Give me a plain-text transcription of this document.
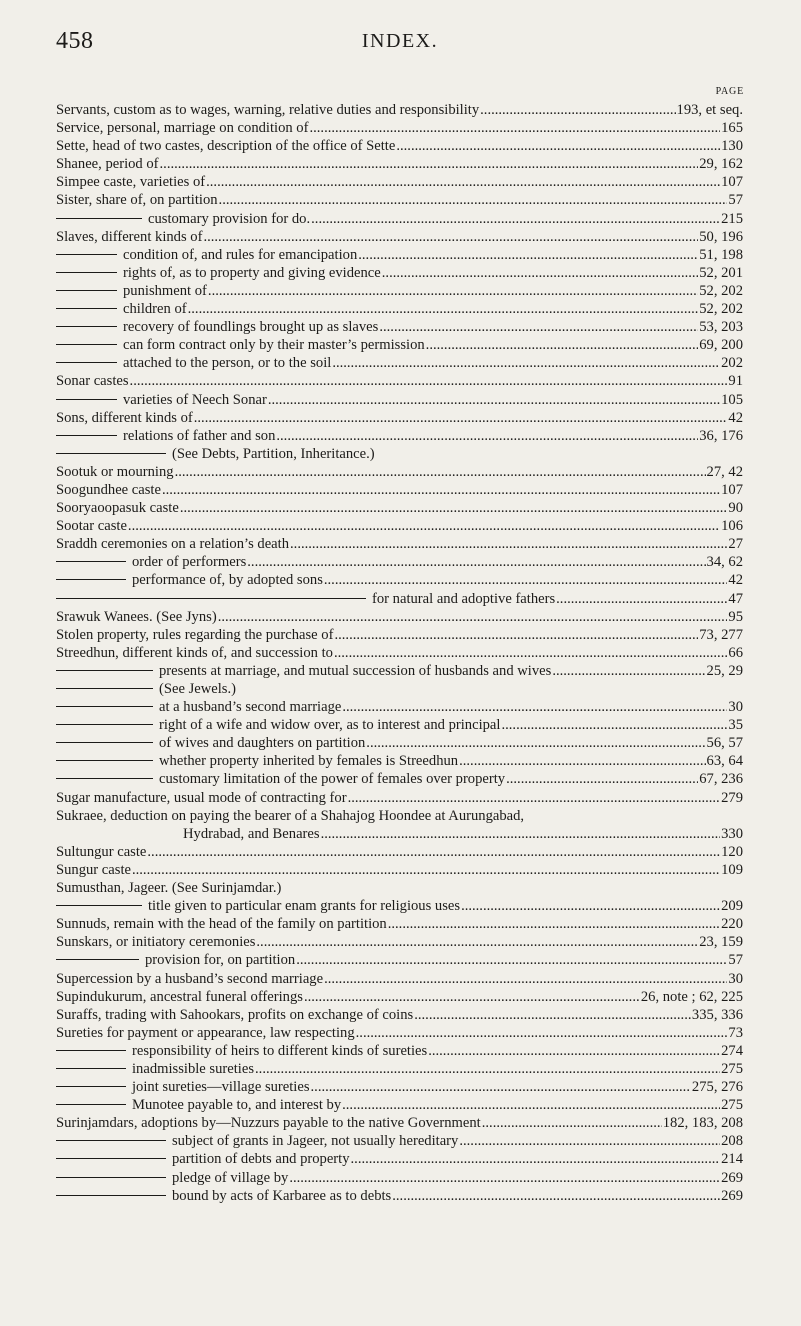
458	INDEX.
PAGE
Servants, custom as to wages, warning, relative duties and responsibility .....	193, et seq.
Service, personal, marriage on condition of .....	165
Sette, head of two castes, description of the office of Sette .....	130
Shanee, period of .....	29, 162
Simpee caste, varieties of .....	107
Sister, share of, on partition .....	57
customary provision for do. .....	215
Slaves, different kinds of .....	50, 196
condition of, and rules for emancipation .....	51, 198
rights of, as to property and giving evidence .....	52, 201
punishment of .....	52, 202
children of .....	52, 202
recovery of foundlings brought up as slaves .....	53, 203
can form contract only by their master’s permission .....	69, 200
attached to the person, or to the soil .....	202
Sonar castes .....	91
varieties of Neech Sonar .....	105
Sons, different kinds of .....	42
relations of father and son .....	36, 176
(See Debts, Partition, Inheritance.)
Sootuk or mourning .....	27, 42
Soogundhee caste .....	107
Sooryaoopasuk caste .....	90
Sootar caste .....	106
Sraddh ceremonies on a relation’s death .....	27
order of performers .....	34, 62
performance of, by adopted sons .....	42
for natural and adoptive fathers .....	47
Srawuk Wanees. (See Jyns) .....	95
Stolen property, rules regarding the purchase of .....	73, 277
Streedhun, different kinds of, and succession to .....	66
presents at marriage, and mutual succession of husbands and wives .....	25, 29
(See Jewels.)
at a husband’s second marriage .....	30
right of a wife and widow over, as to interest and principal .....	35
of wives and daughters on partition .....	56, 57
whether property inherited by females is Streedhun .....	63, 64
customary limitation of the power of females over property .....	67, 236
Sugar manufacture, usual mode of contracting for .....	279
Sukraee, deduction on paying the bearer of a Shahajog Hoondee at Aurungabad,
Hydrabad, and Benares .....	330
Sultungur caste .....	120
Sungur caste .....	109
Sumusthan, Jageer. (See Surinjamdar.)
title given to particular enam grants for religious uses .....	209
Sunnuds, remain with the head of the family on partition .....	220
Sunskars, or initiatory ceremonies .....	23, 159
provision for, on partition .....	57
Supercession by a husband’s second marriage .....	30
Supindukurum, ancestral funeral offerings .....	26, note ; 62, 225
Suraffs, trading with Sahookars, profits on exchange of coins .....	335, 336
Sureties for payment or appearance, law respecting .....	73
responsibility of heirs to different kinds of sureties .....	274
inadmissible sureties .....	275
joint sureties—village sureties .....	275, 276
Munotee payable to, and interest by .....	275
Surinjamdars, adoptions by—Nuzzurs payable to the native Government .....	182, 183, 208
subject of grants in Jageer, not usually hereditary .....	208
partition of debts and property .....	214
pledge of village by .....	269
bound by acts of Karbaree as to debts .....	269
